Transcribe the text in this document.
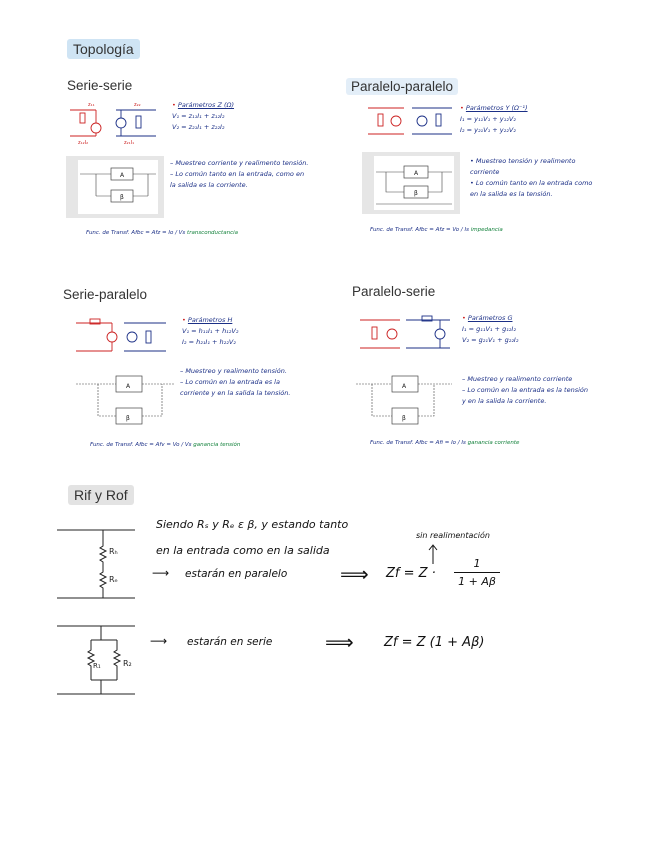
Topología
Serie-serie
z₁₁	z₂₂
z₁₂I₂	z₂₁I₁
• Parámetros Z (Ω)
V₁ = z₁₁I₁ + z₁₂I₂
V₂ = z₂₁I₁ + z₂₂I₂
A
β
– Muestreo corriente y realimento tensión.
– Lo común tanto en la entrada, como en la salida es la corriente.
Func. de Transf. Afbc = Afz = Io / Vs transconductancia
Paralelo-paralelo
• Parámetros Y (Ω⁻¹)
I₁ = y₁₁V₁ + y₁₂V₂
I₂ = y₂₁V₁ + y₂₂V₂
A
β
• Muestreo tensión y realimento corriente
• Lo común tanto en la entrada como en la salida es la tensión.
Func. de Transf. Afbc = Afz = Vo / Is impedancia
Serie-paralelo
• Parámetros H
V₁ = h₁₁I₁ + h₁₂V₂
I₂ = h₂₁I₁ + h₂₂V₂
A
β
– Muestreo y realimento tensión.
– Lo común en la entrada es la corriente y en la salida la tensión.
Func. de Transf. Afbc = Afv = Vo / Vs ganancia tensión
Paralelo-serie
• Parámetros G
I₁ = g₁₁V₁ + g₁₂I₂
V₂ = g₂₁V₁ + g₂₂I₂
A
β
– Muestreo y realimento corriente
– Lo común en la entrada es la tensión y en la salida la corriente.
Func. de Transf. Afbc = Afi = Io / Is ganancia corriente
Rif y Rof
Rₕ
Rₑ
Siendo Rₛ y Rₑ ε β, y estando tanto
en la entrada como en la salida
⟶ estarán en paralelo	⟹ $Zf = Z \cdot \frac{1}{1 + A\beta}$
sin realimentación
R₁	R₂
⟶ estarán en serie	⟹ Zf = Z (1 + Aβ)
